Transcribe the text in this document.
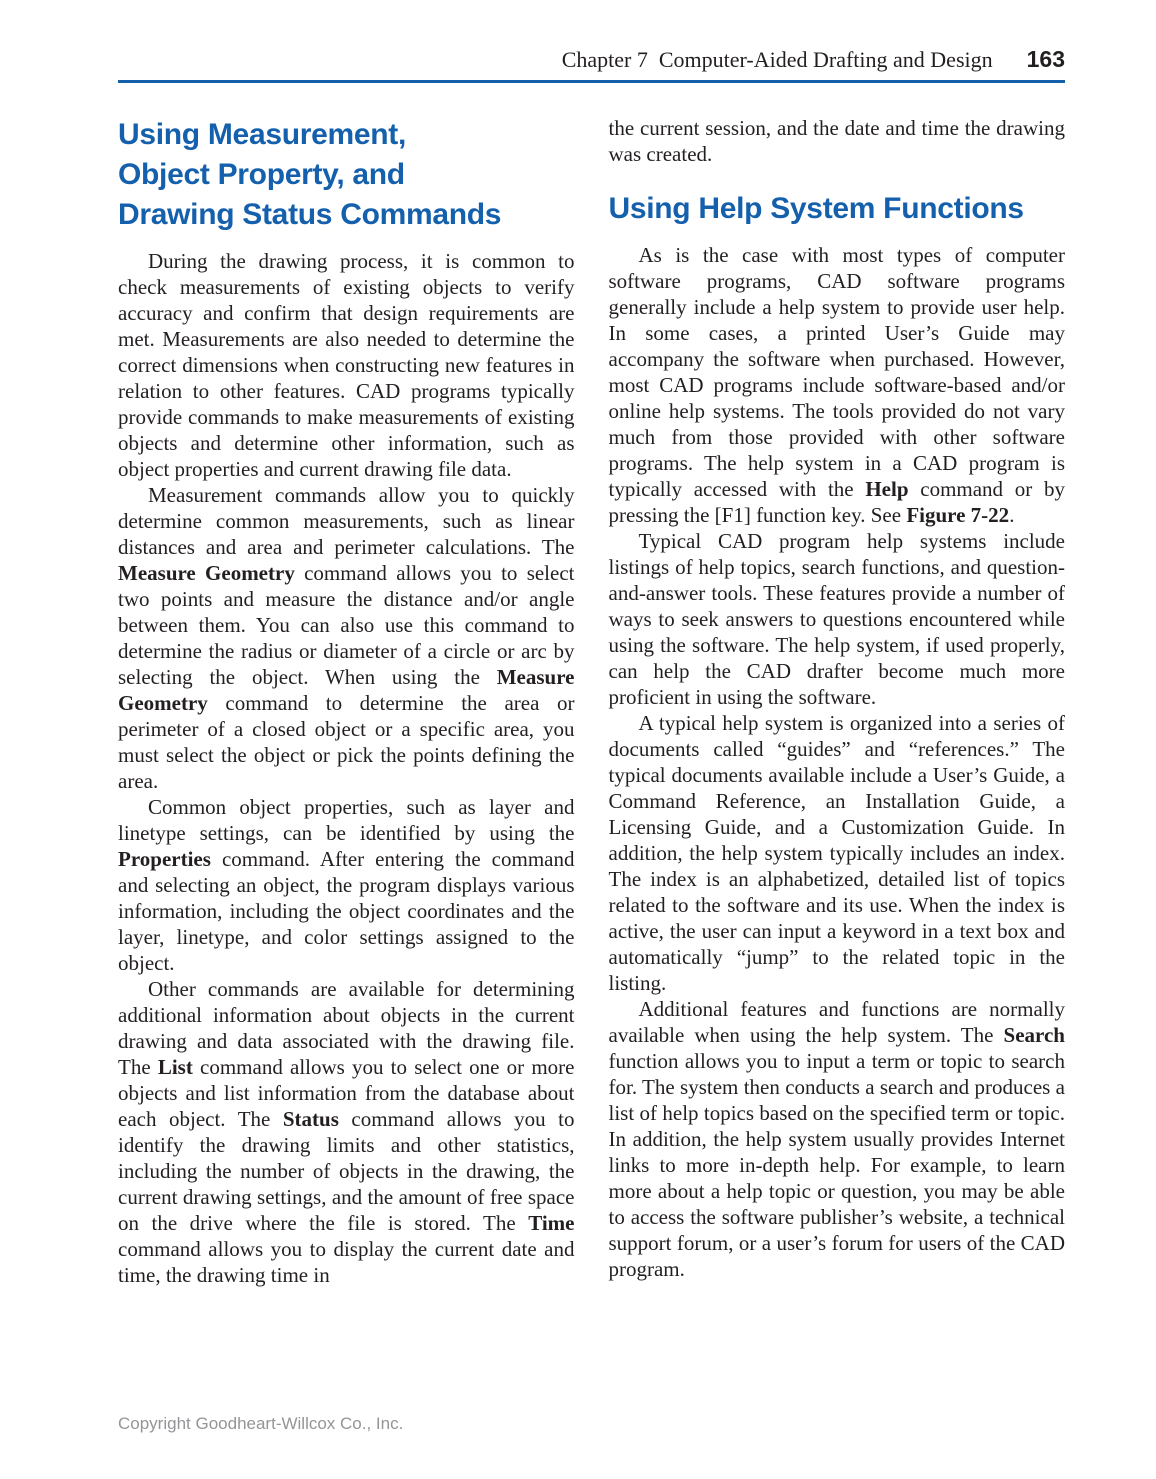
Chapter 7 Computer-Aided Drafting and Design 163
Using Measurement,
Object Property, and
Drawing Status Commands

During the drawing process, it is common to check measurements of existing objects to verify accuracy and confirm that design requirements are met. Measurements are also needed to determine the correct dimensions when constructing new features in relation to other features. CAD programs typically provide commands to make measurements of existing objects and determine other information, such as object properties and current drawing file data.

Measurement commands allow you to quickly determine common measurements, such as linear distances and area and perimeter calculations. The Measure Geometry command allows you to select two points and measure the distance and/or angle between them. You can also use this command to determine the radius or diameter of a circle or arc by selecting the object. When using the Measure Geometry command to determine the area or perimeter of a closed object or a specific area, you must select the object or pick the points defining the area.

Common object properties, such as layer and linetype settings, can be identified by using the Properties command. After entering the command and selecting an object, the program displays various information, including the object coordinates and the layer, linetype, and color settings assigned to the object.

Other commands are available for determining additional information about objects in the current drawing and data associated with the drawing file. The List command allows you to select one or more objects and list information from the database about each object. The Status command allows you to identify the drawing limits and other statistics, including the number of objects in the drawing, the current drawing settings, and the amount of free space on the drive where the file is stored. The Time command allows you to display the current date and time, the drawing time in

the current session, and the date and time the drawing was created.

Using Help System Functions

As is the case with most types of computer software programs, CAD software programs generally include a help system to provide user help. In some cases, a printed User’s Guide may accompany the software when purchased. However, most CAD programs include software-based and/or online help systems. The tools provided do not vary much from those provided with other software programs. The help system in a CAD program is typically accessed with the Help command or by pressing the [F1] function key. See Figure 7-22.

Typical CAD program help systems include listings of help topics, search functions, and question-and-answer tools. These features provide a number of ways to seek answers to questions encountered while using the software. The help system, if used properly, can help the CAD drafter become much more proficient in using the software.

A typical help system is organized into a series of documents called “guides” and “references.” The typical documents available include a User’s Guide, a Command Reference, an Installation Guide, a Licensing Guide, and a Customization Guide. In addition, the help system typically includes an index. The index is an alphabetized, detailed list of topics related to the software and its use. When the index is active, the user can input a keyword in a text box and automatically “jump” to the related topic in the listing.

Additional features and functions are normally available when using the help system. The Search function allows you to input a term or topic to search for. The system then conducts a search and produces a list of help topics based on the specified term or topic. In addition, the help system usually provides Internet links to more in-depth help. For example, to learn more about a help topic or question, you may be able to access the software publisher’s website, a technical support forum, or a user’s forum for users of the CAD program.

Copyright Goodheart-Willcox Co., Inc.
